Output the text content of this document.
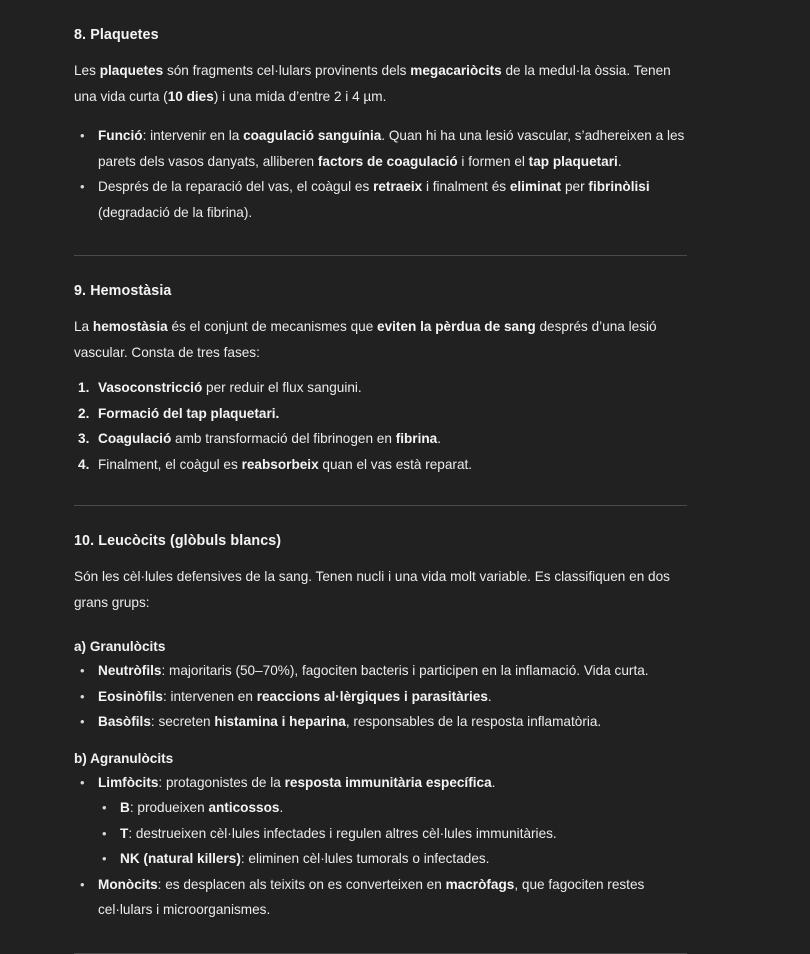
8. Plaquetes

Les plaquetes són fragments cel·lulars provinents dels megacariòcits de la medul·la òssia. Tenen una vida curta (10 dies) i una mida d’entre 2 i 4 µm.

• Funció: intervenir en la coagulació sanguínia. Quan hi ha una lesió vascular, s’adhereixen a les parets dels vasos danyats, alliberen factors de coagulació i formen el tap plaquetari.
• Després de la reparació del vas, el coàgul es retraeix i finalment és eliminat per fibrinòlisi (degradació de la fibrina).
9. Hemostàsia

La hemostàsia és el conjunt de mecanismes que eviten la pèrdua de sang després d’una lesió vascular. Consta de tres fases:

Vasoconstricció per reduir el flux sanguini.
Formació del tap plaquetari.
Coagulació amb transformació del fibrinogen en fibrina.
Finalment, el coàgul es reabsorbeix quan el vas està reparat.
10. Leucòcits (glòbuls blancs)

Són les cèl·lules defensives de la sang. Tenen nucli i una vida molt variable. Es classifiquen en dos grans grups:

a) Granulòcits

• Neutròfils: majoritaris (50–70%), fagociten bacteris i participen en la inflamació. Vida curta.
• Eosinòfils: intervenen en reaccions al·lèrgiques i parasitàries.
• Basòfils: secreten histamina i heparina, responsables de la resposta inflamatòria.

b) Agranulòcits

• Limfòcits: protagonistes de la resposta immunitària específica.
• B: produeixen anticossos.
• T: destrueixen cèl·lules infectades i regulen altres cèl·lules immunitàries.
• NK (natural killers): eliminen cèl·lules tumorals o infectades.
• Monòcits: es desplacen als teixits on es converteixen en macròfags, que fagociten restes cel·lulars i microorganismes.
